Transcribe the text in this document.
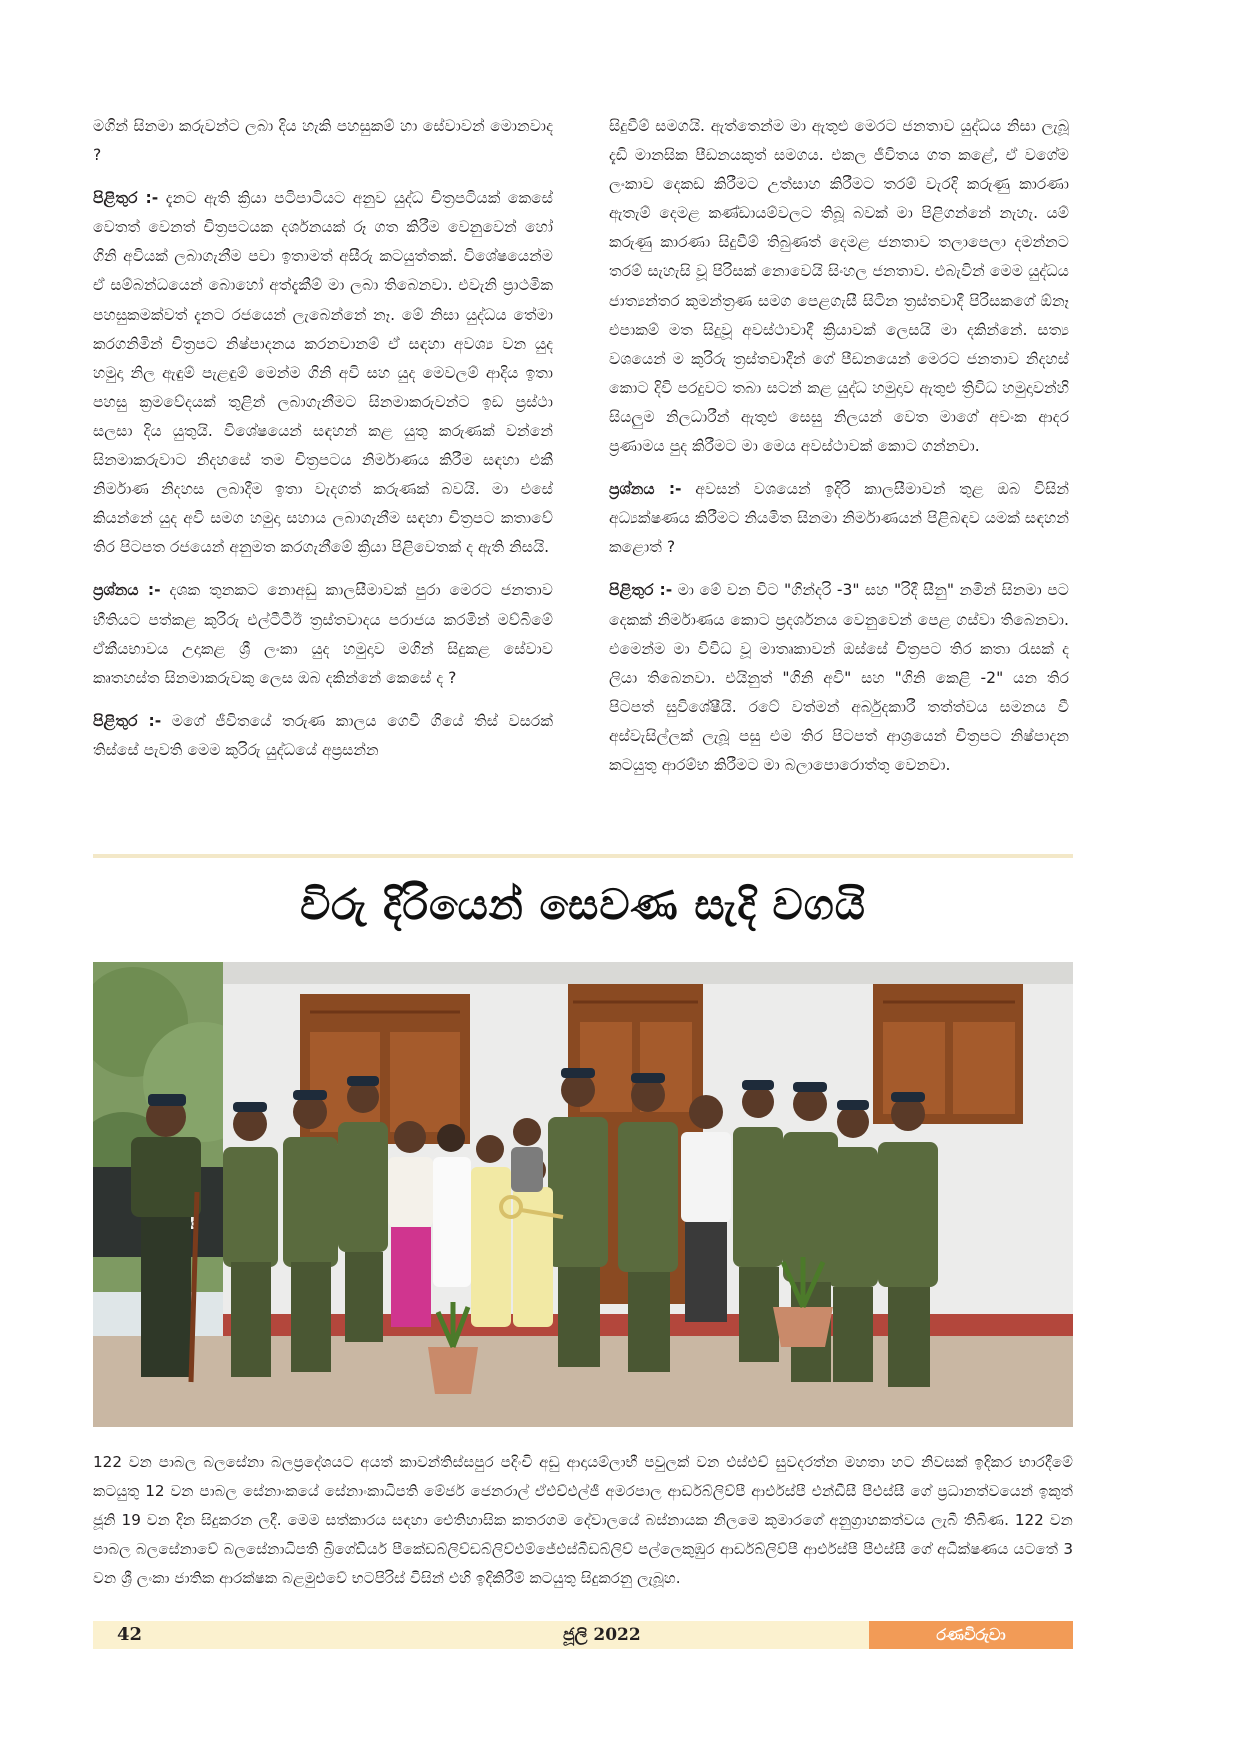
මගින් සිනමා කරුවන්ට ලබා දිය හැකි පහසුකම් හා සේවාවන් මොනවාද ?

පිළිතුර :- දැනට ඇති ක්‍රියා පටිපාටියට අනුව යුද්ධ චිත්‍රපටියක් කෙසේ වෙතත් වෙනත් චිත්‍රපටයක දර්ශනයක් රූ ගත කිරීම වෙනුවෙන් හෝ ගිනි අවියක් ලබාගැනීම පවා ඉතාමත් අසීරු කටයුත්තක්. විශේෂයෙන්ම ඒ සම්බන්ධයෙන් බොහෝ අත්දැකීම් මා ලබා තිබෙනවා. එවැනි ප්‍රාථමික පහසුකමක්වත් දැනට රජයෙන් ලැබෙන්නේ නෑ. මේ නිසා යුද්ධය තේමා කරගනිමින් චිත්‍රපට නිෂ්පාදනය කරනවානම් ඒ සඳහා අවශ්‍ය වන යුද හමුදා නිල ඇඳුම් පැළඳුම් මෙන්ම ගිනි අවි සහ යුද මෙවලම් ආදිය ඉතා පහසු ක්‍රමවේදයක් තුළින් ලබාගැනීමට සිනමාකරුවන්ට ඉඩ ප්‍රස්ථා සලසා දිය යුතුයි. විශේෂයෙන් සඳහන් කළ යුතු කරුණක් වන්නේ සිනමාකරුවාට නිදහසේ තම චිත්‍රපටය නිර්මාණය කිරීම සඳහා එකී නිර්මාණ නිදහස ලබාදීම ඉතා වැදගත් කරුණක් බවයි. මා එසේ කියන්නේ යුද අවි සමග හමුදා සහාය ලබාගැනීම සඳහා චිත්‍රපට කතාවේ තිර පිටපත රජයෙන් අනුමත කරගැනීමේ ක්‍රියා පිළිවෙතක් ද ඇති නිසයි.

ප්‍රශ්නය :- දශක තුනකට නොඅඩු කාලසීමාවක් පුරා මෙරට ජනතාව භීතියට පත්කළ කුරිරු එල්ටීටීඊ ත්‍රස්තවාදය පරාජය කරමින් මව්බිමේ ඒකීයභාවය උදාකළ ශ්‍රී ලංකා යුද හමුදාව මගින් සිදුකළ සේවාව කෘතහස්ත සිනමාකරුවකු ලෙස ඔබ දකින්නේ කෙසේ ද ?

පිළිතුර :- මගේ ජීවිතයේ තරුණ කාලය ගෙවී ගියේ තිස් වසරක් තිස්සේ පැවති මෙම කුරිරු යුද්ධයේ අප්‍රසන්න

සිදුවීම් සමගයි. ඇත්තෙන්ම මා ඇතුළු මෙරට ජනතාව යුද්ධය නිසා ලැබූ දැඩි මානසික පීඩනයකුත් සමගය. එකල ජීවිතය ගත කළේ, ඒ වගේම ලංකාව දෙකඩ කිරීමට උත්සාහ කිරීමට තරම් වැරදි කරුණු කාරණා ඇතැම් දෙමළ කණ්ඩායම්වලට තිබූ බවක් මා පිළිගන්නේ නැහැ. යම් කරුණු කාරණා සිදුවීම් තිබුණත් දෙමළ ජනතාව තලාපෙලා දමන්නට තරම් සැහැසි වූ පිරිසක් නොවෙයි සිංහල ජනතාව. එබැවින් මෙම යුද්ධය ජාත්‍යන්තර කුමන්ත්‍රණ සමග පෙළගැසී සිටින ත්‍රස්තවාදී පිරිසකගේ ඕනෑ එපාකම් මත සිදුවූ අවස්ථාවාදී ක්‍රියාවක් ලෙසයි මා දකින්නේ. සත්‍ය වශයෙන් ම කුරිරු ත්‍රස්තවාදීන් ගේ පීඩනයෙන් මෙරට ජනතාව නිදහස් කොට දිවි පරදුවට තබා සටන් කළ යුද්ධ හමුදාව ඇතුළු ත්‍රිවිධ හමුදාවන්හි සියලුම නිලධාරීන් ඇතුළු සෙසු නිලයන් වෙත මාගේ අවංක ආදර ප්‍රණාමය පුද කිරීමට මා මෙය අවස්ථාවක් කොට ගන්නවා.

ප්‍රශ්නය :- අවසන් වශයෙන් ඉදිරි කාලසීමාවන් තුළ ඔබ විසින් අධ්‍යක්ෂණය කිරීමට නියමිත සිනමා නිර්මාණයන් පිළිබඳව යමක් සඳහන් කළොත් ?

පිළිතුර :- මා මේ වන විට "ගින්දරි -3" සහ "රිදී සීනු" නමින් සිනමා පට දෙකක් නිර්මාණය කොට ප්‍රදර්ශනය වෙනුවෙන් පෙළ ගස්වා තිබෙනවා. එමෙන්ම මා විවිධ වූ මාතෘකාවන් ඔස්සේ චිත්‍රපට තිර කතා රැසක් ද ලියා තිබෙනවා. එයිනුත් "ගිනි අවි" සහ "ගිනි කෙළි -2" යන තිර පිටපත් සුවිශේෂීයි. රටේ වත්මන් අර්බුදකාරී තත්ත්වය සමනය වී අස්වැසිල්ලක් ලැබූ පසු එම තිර පිටපත් ආශ්‍රයෙන් චිත්‍රපට නිෂ්පාදන කටයුතු ආරම්භ කිරීමට මා බලාපොරොත්තු වෙනවා.

විරු දිරියෙන් සෙවණ සැදි වගයි
122 වන පාබල බලසේනා බලප්‍රදේශයට අයත් කාවන්තිස්සපුර පදිංචි අඩු ආදායම්ලාභී පවුලක් වන එස්එච් සුවදරත්න මහතා හට නිවසක් ඉදිකර භාරදීමේ කටයුතු 12 වන පාබල සේනාංකයේ සේනාංකාධිපති මේජර් ජෙනරාල් ඒඑච්එල්ජී අමරපාල ආර්ඩබ්ලිව්පී ආර්එස්පී එන්ඩීසී පීඑස්සී ගේ ප්‍රධානත්වයෙන් ඉකුත් ජූනි 19 වන දින සිදුකරන ලදී. මෙම සත්කාරය සඳහා ඓතිහාසික කතරගම දේවාලයේ බස්නායක නිලමෙ කුමාරගේ අනුග්‍රාහකත්වය ලැබී තිබිණ. 122 වන පාබල බලසේනාවේ බලසේනාධිපති බ්‍රිගේඩියර් පීකේඩබ්ලිව්ඩබ්ලිව්එම්ජේඑස්බීඩබ්ලිව් පල්ලෙකුඹුර ආර්ඩබ්ලිව්පී ආර්එස්පී පීඑස්සී ගේ අධීක්ෂණය යටතේ 3 වන ශ්‍රී ලංකා ජාතික ආරක්ෂක බළමුළුවේ භටපිරිස් විසින් එහි ඉදිකිරීම් කටයුතු සිදුකරනු ලැබූහ.
42	ජූලි 2022	රණවිරුවා
